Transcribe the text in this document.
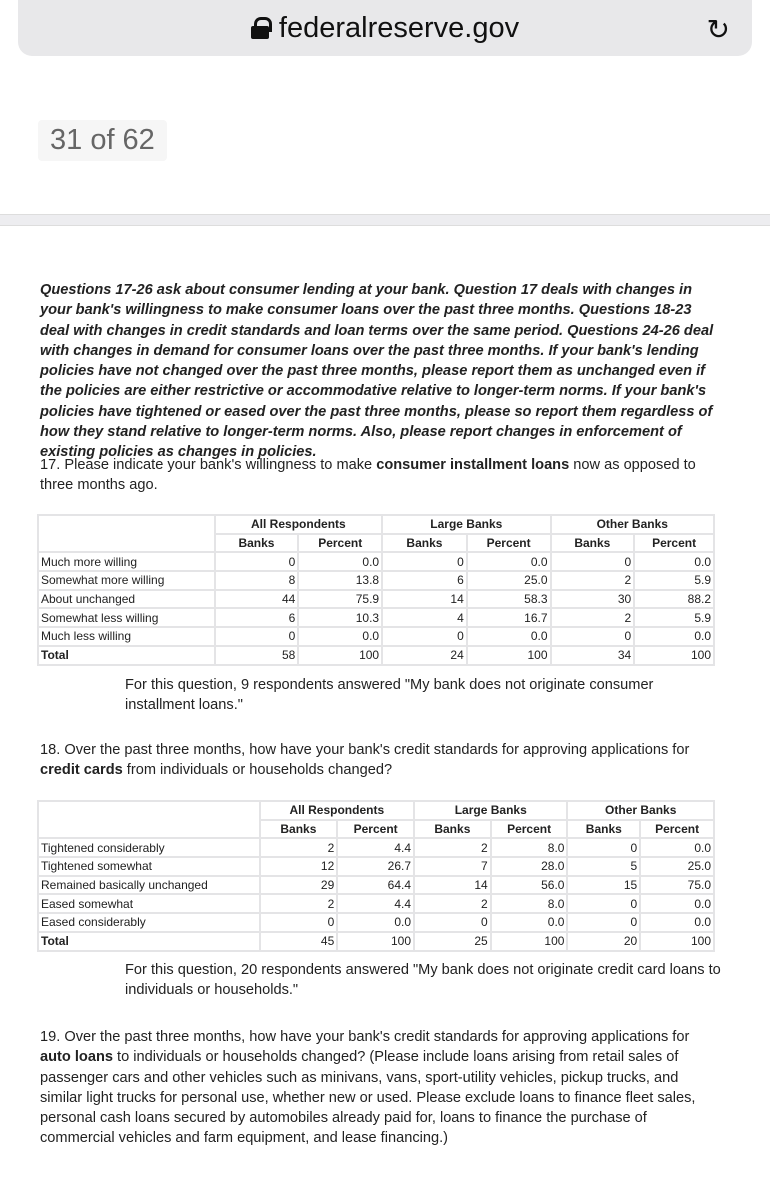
federalreserve.gov	↻
31 of 62
Questions 17-26 ask about consumer lending at your bank. Question 17 deals with changes in your bank's willingness to make consumer loans over the past three months. Questions 18-23 deal with changes in credit standards and loan terms over the same period. Questions 24-26 deal with changes in demand for consumer loans over the past three months. If your bank's lending policies have not changed over the past three months, please report them as unchanged even if the policies are either restrictive or accommodative relative to longer-term norms. If your bank's policies have tightened or eased over the past three months, please so report them regardless of how they stand relative to longer-term norms. Also, please report changes in enforcement of existing policies as changes in policies.
17. Please indicate your bank's willingness to make consumer installment loans now as opposed to three months ago.
	All Respondents		Large Banks		Other Banks	
	Banks	Percent	Banks	Percent	Banks	Percent
Much more willing	0	0.0	0	0.0	0	0.0
Somewhat more willing	8	13.8	6	25.0	2	5.9
About unchanged	44	75.9	14	58.3	30	88.2
Somewhat less willing	6	10.3	4	16.7	2	5.9
Much less willing	0	0.0	0	0.0	0	0.0
Total	58	100	24	100	34	100
For this question, 9 respondents answered "My bank does not originate consumer installment loans."
18. Over the past three months, how have your bank's credit standards for approving applications for credit cards from individuals or households changed?
	All Respondents		Large Banks		Other Banks	
	Banks	Percent	Banks	Percent	Banks	Percent
Tightened considerably	2	4.4	2	8.0	0	0.0
Tightened somewhat	12	26.7	7	28.0	5	25.0
Remained basically unchanged	29	64.4	14	56.0	15	75.0
Eased somewhat	2	4.4	2	8.0	0	0.0
Eased considerably	0	0.0	0	0.0	0	0.0
Total	45	100	25	100	20	100
For this question, 20 respondents answered "My bank does not originate credit card loans to individuals or households."
19. Over the past three months, how have your bank's credit standards for approving applications for auto loans to individuals or households changed? (Please include loans arising from retail sales of passenger cars and other vehicles such as minivans, vans, sport-utility vehicles, pickup trucks, and similar light trucks for personal use, whether new or used. Please exclude loans to finance fleet sales, personal cash loans secured by automobiles already paid for, loans to finance the purchase of commercial vehicles and farm equipment, and lease financing.)
